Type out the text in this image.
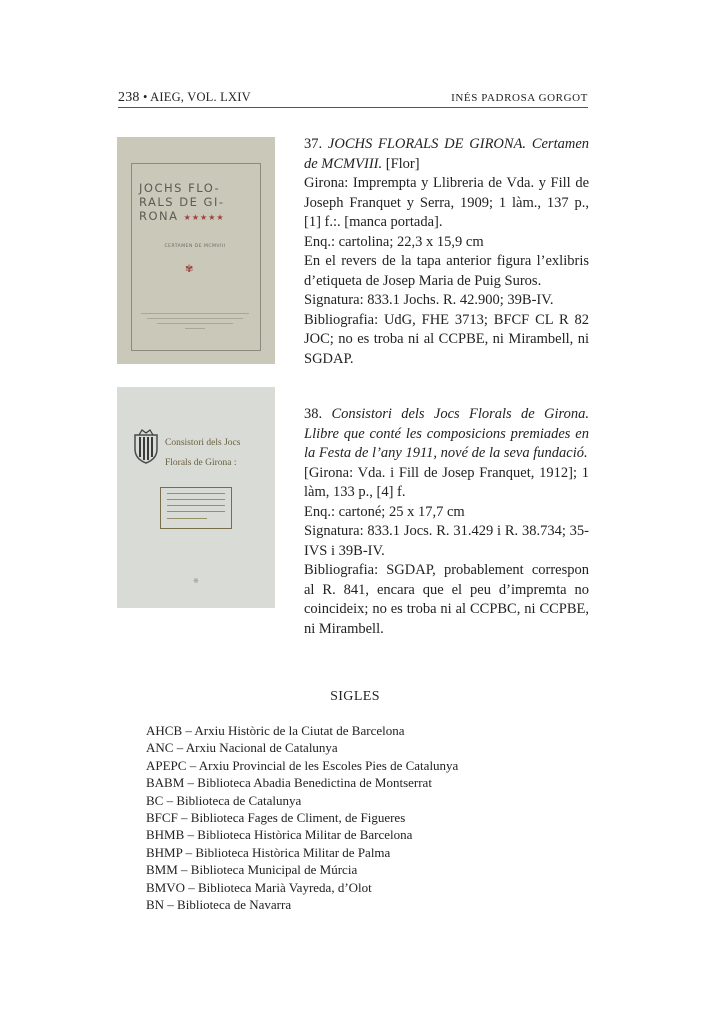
238 • AIEG, VOL. LXIV	INÉS PADROSA GORGOT
JOCHS FLO-
RALS DE GI-
RONA ★★★★★
CERTAMEN DE MCMVIII
✾
Consistori dels Jocs
Florals de Girona :
※

37. JOCHS FLORALS DE GIRONA. Certamen de MCMVIII. [Flor]

Girona: Imprempta y Llibreria de Vda. y Fill de Joseph Franquet y Serra, 1909; 1 làm., 137 p., [1] f.:. [manca portada].

Enq.: cartolina; 22,3 x 15,9 cm

En el revers de la tapa anterior figura l’exlibris d’etiqueta de Josep Maria de Puig Suros.

Signatura: 833.1 Jochs. R. 42.900; 39B-IV.

Bibliografia: UdG, FHE 3713; BFCF CL R 82 JOC; no es troba ni al CCPBE, ni Mirambell, ni SGDAP.

38. Consistori dels Jocs Florals de Girona. Llibre que conté les composicions premiades en la Festa de l’any 1911, nové de la seva fundació.

[Girona: Vda. i Fill de Josep Franquet, 1912]; 1 làm, 133 p., [4] f.

Enq.: cartoné; 25 x 17,7 cm

Signatura: 833.1 Jocs. R. 31.429 i R. 38.734; 35-IVS i 39B-IV.

Bibliografia: SGDAP, probablement correspon al R. 841, encara que el peu d’impremta no coincideix; no es troba ni al CCPBC, ni CCPBE, ni Mirambell.

SIGLES
AHCB – Arxiu Històric de la Ciutat de Barcelona
ANC – Arxiu Nacional de Catalunya
APEPC – Arxiu Provincial de les Escoles Pies de Catalunya
BABM – Biblioteca Abadia Benedictina de Montserrat
BC – Biblioteca de Catalunya
BFCF – Biblioteca Fages de Climent, de Figueres
BHMB – Biblioteca Històrica Militar de Barcelona
BHMP – Biblioteca Històrica Militar de Palma
BMM – Biblioteca Municipal de Múrcia
BMVO – Biblioteca Marià Vayreda, d’Olot
BN – Biblioteca de Navarra
